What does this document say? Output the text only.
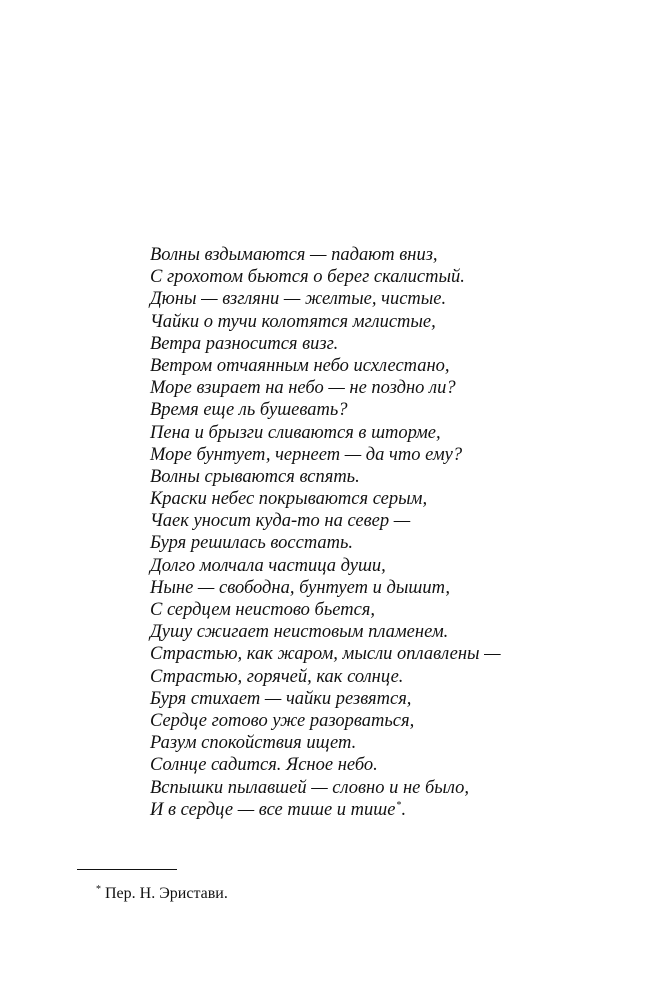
Волны вздымаются — падают вниз,
С грохотом бьются о берег скалистый.
Дюны — взгляни — желтые, чистые.
Чайки о тучи колотятся мглистые,
Ветра разносится визг.
Ветром отчаянным небо исхлестано,
Море взирает на небо — не поздно ли?
Время еще ль бушевать?
Пена и брызги сливаются в шторме,
Море бунтует, чернеет — да что ему?
Волны срываются вспять.
Краски небес покрываются серым,
Чаек уносит куда-то на север —
Буря решилась восстать.
Долго молчала частица души,
Ныне — свободна, бунтует и дышит,
С сердцем неистово бьется,
Душу сжигает неистовым пламенем.
Страстью, как жаром, мысли оплавлены —
Страстью, горячей, как солнце.
Буря стихает — чайки резвятся,
Сердце готово уже разорваться,
Разум спокойствия ищет.
Солнце садится. Ясное небо.
Вспышки пылавшей — словно и не было,
И в сердце — все тише и тише*.
* Пер. Н. Эристави.
